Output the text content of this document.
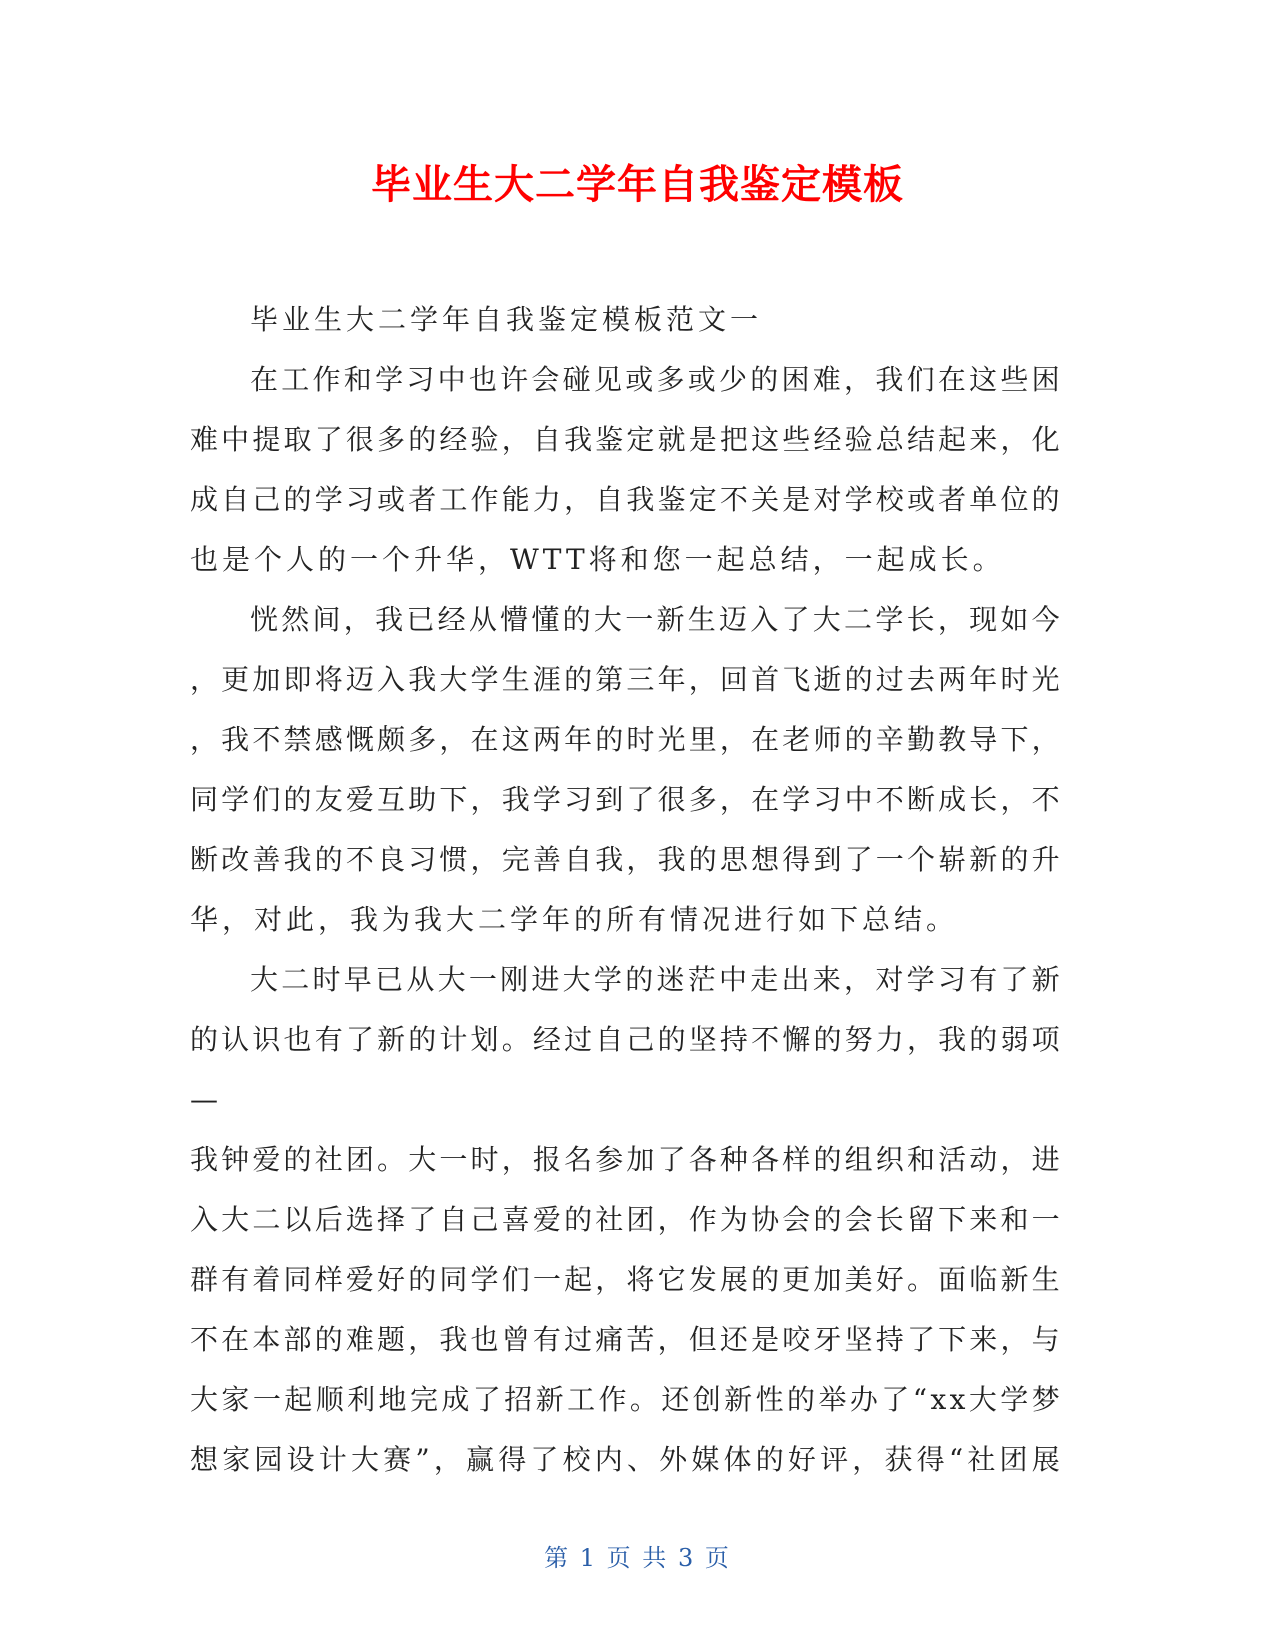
毕业生大二学年自我鉴定模板
毕业生大二学年自我鉴定模板范文一
在 工 作 和 学 习 中 也 许 会 碰 见 或 多 或 少 的 困 难 ， 我 们 在 这 些 困
难 中 提 取 了 很 多 的 经 验 ， 自 我 鉴 定 就 是 把 这 些 经 验 总 结 起 来 ， 化
成 自 己 的 学 习 或 者 工 作 能 力 ， 自 我 鉴 定 不 关 是 对 学 校 或 者 单 位 的
也是个人的一个升华，WTT将和您一起总结，一起成长。
恍 然 间 ， 我 已 经 从 懵 懂 的 大 一 新 生 迈 入 了 大 二 学 长 ， 现 如 今
， 更 加 即 将 迈 入 我 大 学 生 涯 的 第 三 年 ， 回 首 飞 逝 的 过 去 两 年 时 光
， 我 不 禁 感 慨 颇 多 ， 在 这 两 年 的 时 光 里 ， 在 老 师 的 辛 勤 教 导 下 ，
同 学 们 的 友 爱 互 助 下 ， 我 学 习 到 了 很 多 ， 在 学 习 中 不 断 成 长 ， 不
断 改 善 我 的 不 良 习 惯 ， 完 善 自 我 ， 我 的 思 想 得 到 了 一 个 崭 新 的 升
华，对此，我为我大二学年的所有情况进行如下总结。
大 二 时 早 已 从 大 一 刚 进 大 学 的 迷 茫 中 走 出 来 ， 对 学 习 有 了 新
的 认 识 也 有 了 新 的 计 划 。 经 过 自 己 的 坚 持 不 懈 的 努 力 ， 我 的 弱 项
—
我 钟 爱 的 社 团 。 大 一 时 ， 报 名 参 加 了 各 种 各 样 的 组 织 和 活 动 ， 进
入 大 二 以 后 选 择 了 自 己 喜 爱 的 社 团 ， 作 为 协 会 的 会 长 留 下 来 和 一
群 有 着 同 样 爱 好 的 同 学 们 一 起 ， 将 它 发 展 的 更 加 美 好 。 面 临 新 生
不 在 本 部 的 难 题 ， 我 也 曾 有 过 痛 苦 ， 但 还 是 咬 牙 坚 持 了 下 来 ， 与
大 家 一 起 顺 利 地 完 成 了 招 新 工 作 。 还 创 新 性 的 举 办 了 “ x x 大 学 梦
想 家 园 设 计 大 赛 ” ， 赢 得 了 校 内 、 外 媒 体 的 好 评 ， 获 得 “ 社 团 展
第 1 页 共 3 页
